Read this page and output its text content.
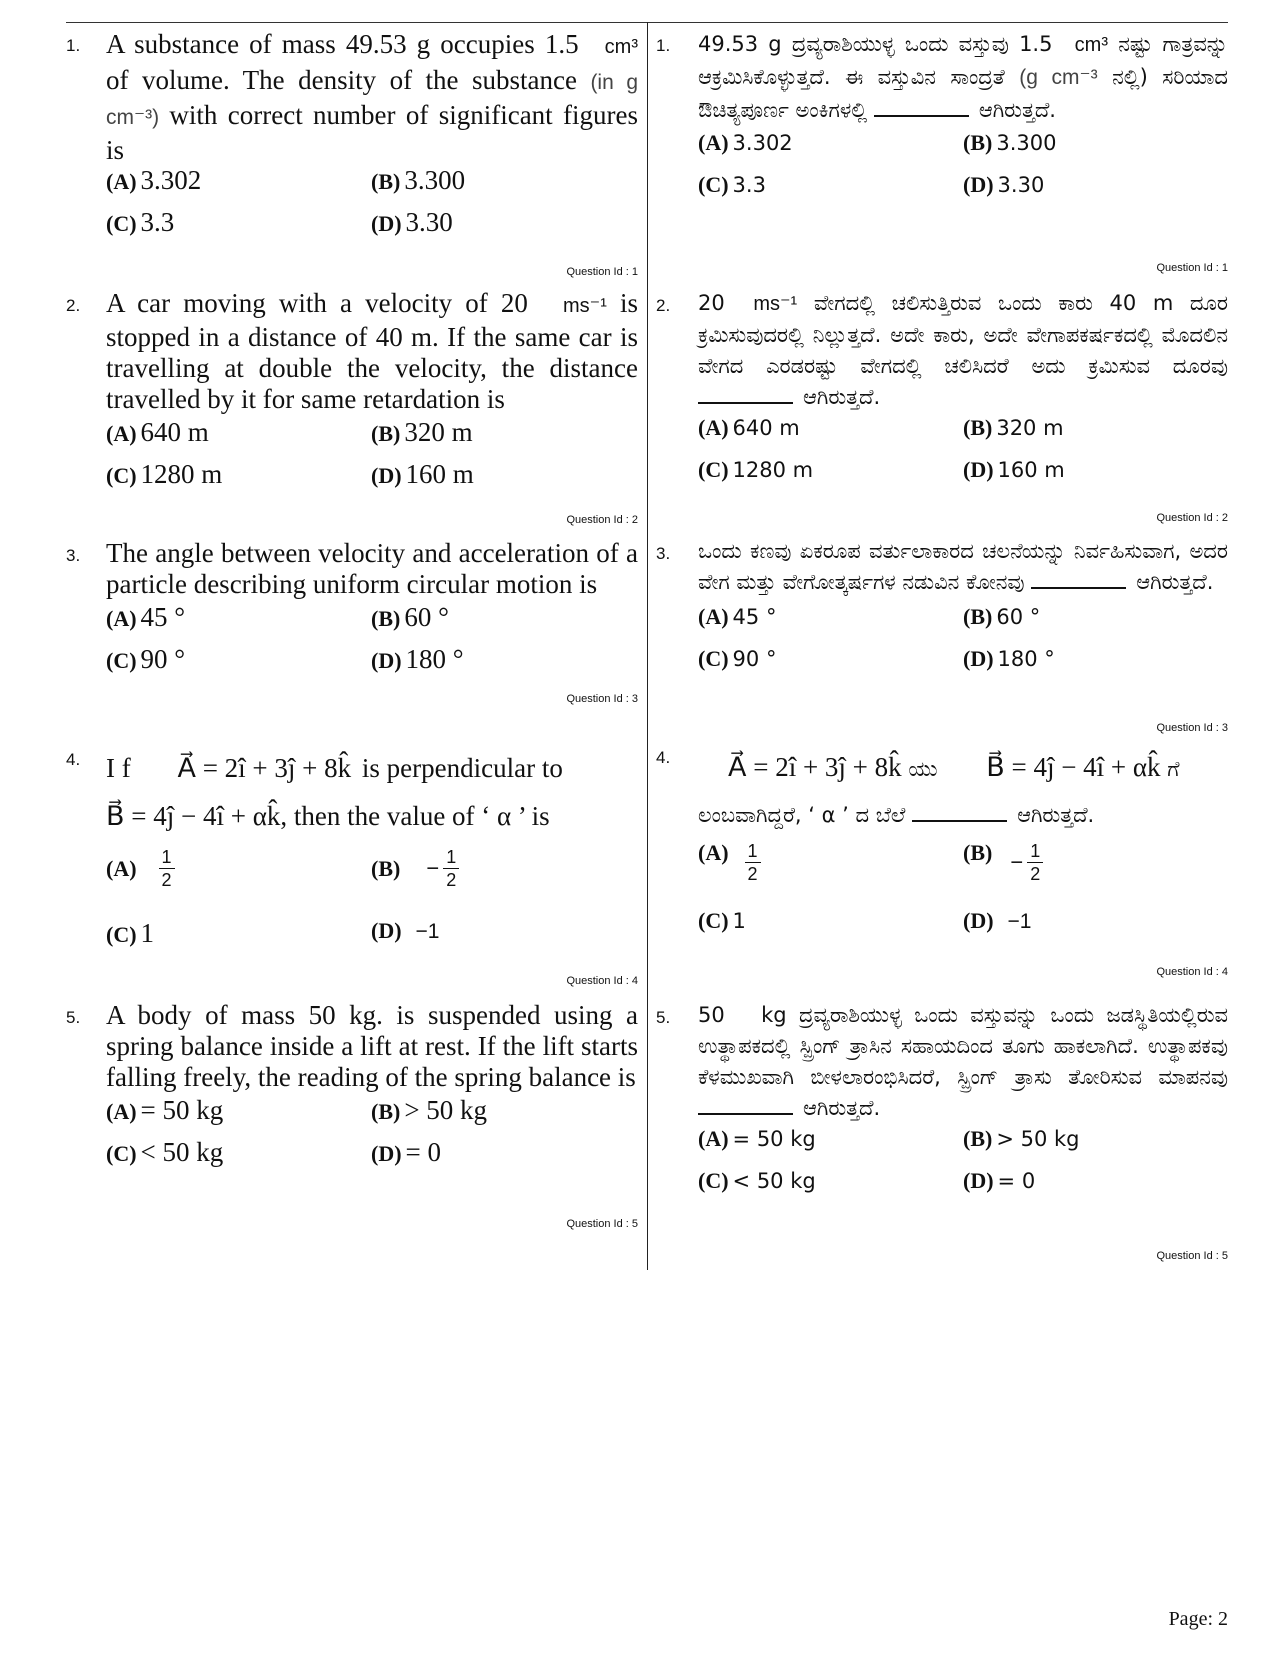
1. A substance of mass 49.53 g occupies 1.5 cm³ of volume. The density of the substance (in g cm⁻³) with correct number of significant figures is
(A) 3.302	(B) 3.300
(C) 3.3	(D) 3.30
Question Id : 1
2. A car moving with a velocity of 20 ms⁻¹ is stopped in a distance of 40 m. If the same car is travelling at double the velocity, the distance travelled by it for same retardation is
(A) 640 m	(B) 320 m
(C) 1280 m	(D) 160 m
Question Id : 2
3. The angle between velocity and acceleration of a particle describing uniform circular motion is
(A) 45 °	(B) 60 °
(C) 90 °	(D) 180 °
Question Id : 3
4. I f A⃗ = 2î + 3ĵ + 8k̂ is perpendicular to
B⃗ = 4ĵ − 4î + αk̂, then the value of ‘ α ’ is
$(A) \frac{1}{2}$	$(B) - \frac{1}{2}$
(C) 1	(D) −1
Question Id : 4
5. A body of mass 50 kg. is suspended using a spring balance inside a lift at rest. If the lift starts falling freely, the reading of the spring balance is
(A) = 50 kg	(B) > 50 kg
(C) < 50 kg	(D) = 0
Question Id : 5
1. 49.53 g ದ್ರವ್ಯರಾಶಿಯುಳ್ಳ ಒಂದು ವಸ್ತುವು 1.5 cm³ ನಷ್ಟು ಗಾತ್ರವನ್ನು ಆಕ್ರಮಿಸಿಕೊಳ್ಳುತ್ತದೆ. ಈ ವಸ್ತುವಿನ ಸಾಂದ್ರತೆ (g cm⁻³ ನಲ್ಲಿ) ಸರಿಯಾದ ಔಚಿತ್ಯಪೂರ್ಣ ಅಂಕಿಗಳಲ್ಲಿ	ಆಗಿರುತ್ತದೆ.
(A) 3.302	(B) 3.300
(C) 3.3	(D) 3.30
Question Id : 1
2. 20 ms⁻¹ ವೇಗದಲ್ಲಿ ಚಲಿಸುತ್ತಿರುವ ಒಂದು ಕಾರು 40 m ದೂರ ಕ್ರಮಿಸುವುದರಲ್ಲಿ ನಿಲ್ಲುತ್ತದೆ. ಅದೇ ಕಾರು, ಅದೇ ವೇಗಾಪಕರ್ಷಕದಲ್ಲಿ ಮೊದಲಿನ ವೇಗದ ಎರಡರಷ್ಟು ವೇಗದಲ್ಲಿ ಚಲಿಸಿದರೆ ಅದು ಕ್ರಮಿಸುವ ದೂರವು ಆಗಿರುತ್ತದೆ.
(A) 640 m	(B) 320 m
(C) 1280 m	(D) 160 m
Question Id : 2
3. ಒಂದು ಕಣವು ಏಕರೂಪ ವರ್ತುಲಾಕಾರದ ಚಲನೆಯನ್ನು ನಿರ್ವಹಿಸುವಾಗ, ಅದರ ವೇಗ ಮತ್ತು ವೇಗೋತ್ಕರ್ಷಗಳ ನಡುವಿನ ಕೋನವು	ಆಗಿರುತ್ತದೆ.
(A) 45 °	(B) 60 °
(C) 90 °	(D) 180 °
Question Id : 3
4.	A⃗ = 2î + 3ĵ + 8k̂ ಯು B⃗ = 4ĵ − 4î + αk̂ ಗೆ
ಲಂಬವಾಗಿದ್ದರೆ, ‘ α ’ ದ ಬೆಲೆ	ಆಗಿರುತ್ತದೆ.
$(A) \frac{1}{2}$	$(B) - \frac{1}{2}$
(C) 1	(D) −1
Question Id : 4
5. 50 kg ದ್ರವ್ಯರಾಶಿಯುಳ್ಳ ಒಂದು ವಸ್ತುವನ್ನು ಒಂದು ಜಡಸ್ಥಿತಿಯಲ್ಲಿರುವ ಉತ್ಥಾಪಕದಲ್ಲಿ ಸ್ಪ್ರಿಂಗ್ ತ್ರಾಸಿನ ಸಹಾಯದಿಂದ ತೂಗು ಹಾಕಲಾಗಿದೆ. ಉತ್ಥಾಪಕವು ಕೆಳಮುಖವಾಗಿ ಬೀಳಲಾರಂಭಿಸಿದರೆ, ಸ್ಪ್ರಿಂಗ್ ತ್ರಾಸು ತೋರಿಸುವ ಮಾಪನವು ಆಗಿರುತ್ತದೆ.
(A) = 50 kg	(B) > 50 kg
(C) < 50 kg	(D) = 0
Question Id : 5
Page: 2
